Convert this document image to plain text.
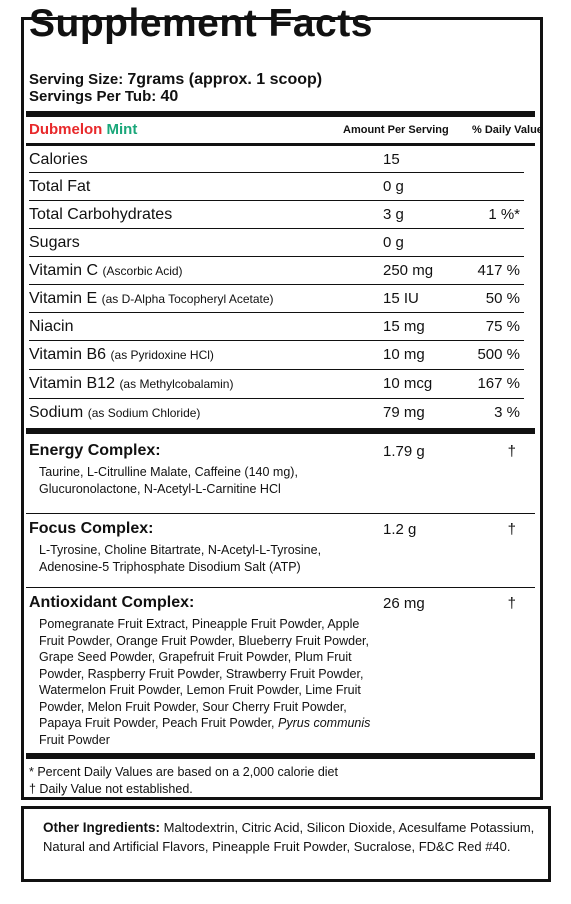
Supplement Facts
Serving Size: 7grams (approx. 1 scoop)
Servings Per Tub: 40
Dubmelon Mint	Amount Per Serving % Daily Value
Calories	15
Total Fat	0 g
Total Carbohydrates	3 g	1 %*
Sugars	0 g
Vitamin C (Ascorbic Acid)	250 mg	417 %
Vitamin E (as D-Alpha Tocopheryl Acetate)	15 IU	50 %
Niacin	15 mg	75 %
Vitamin B6 (as Pyridoxine HCl)	10 mg	500 %
Vitamin B12 (as Methylcobalamin)	10 mcg	167 %
Sodium (as Sodium Chloride)	79 mg	3 %
Energy Complex:	1.79 g	†
Taurine, L-Citrulline Malate, Caffeine (140 mg),
Glucuronolactone, N-Acetyl-L-Carnitine HCl
Focus Complex:	1.2 g	†
L-Tyrosine, Choline Bitartrate, N-Acetyl-L-Tyrosine,
Adenosine-5 Triphosphate Disodium Salt (ATP)
Antioxidant Complex:	26 mg	†
Pomegranate Fruit Extract, Pineapple Fruit Powder, Apple
Fruit Powder, Orange Fruit Powder, Blueberry Fruit Powder,
Grape Seed Powder, Grapefruit Fruit Powder, Plum Fruit
Powder, Raspberry Fruit Powder, Strawberry Fruit Powder,
Watermelon Fruit Powder, Lemon Fruit Powder, Lime Fruit
Powder, Melon Fruit Powder, Sour Cherry Fruit Powder,
Papaya Fruit Powder, Peach Fruit Powder, Pyrus communis
Fruit Powder
* Percent Daily Values are based on a 2,000 calorie diet
† Daily Value not established.
Other Ingredients: Maltodextrin, Citric Acid, Silicon Dioxide, Acesulfame Potassium, Natural and Artificial Flavors, Pineapple Fruit Powder, Sucralose, FD&C Red #40.
